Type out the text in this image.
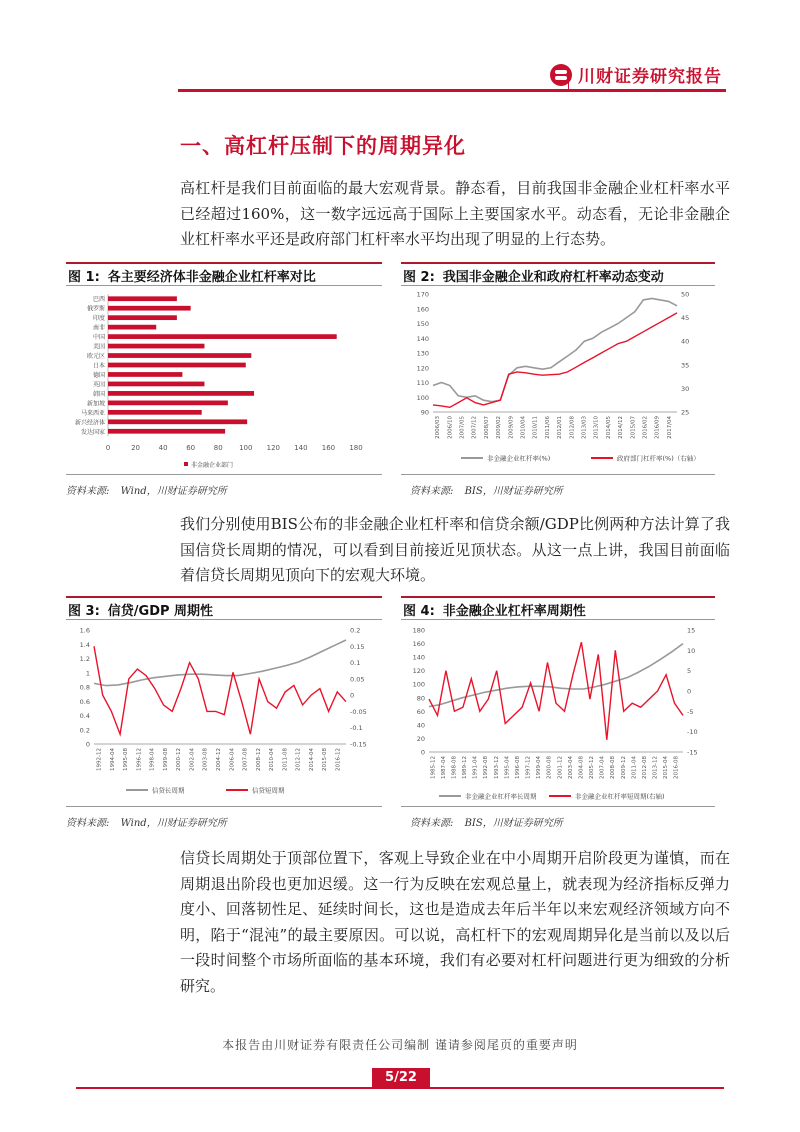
川财证券研究报告
一、高杠杆压制下的周期异化

高杠杆是我们目前面临的最大宏观背景。静态看，目前我国非金融企业杠杆率水平已经超过160%，这一数字远远高于国际上主要国家水平。动态看，无论非金融企业杠杆率水平还是政府部门杠杆率水平均出现了明显的上行态势。

图 1: 各主要经济体非金融企业杠杆率对比
0	20	40	60	80 100 120 140 160 180
巴西
俄罗斯
印度
南非
中国
美国
欧元区
日本
德国
英国
韩国
新加坡
马来西亚
新兴经济体
发达国家
非金融企业部门
资料来源: Wind，川财证券研究所
图 2: 我国非金融企业和政府杠杆率动态变动
90
100
110
120
130
140
150
160
170
25
30
35
40
45
50
2006/03 2006/10 2007/05 2007/12 2008/07 2009/02 2009/09 2010/04 2010/11 2011/06 2012/01 2012/08 2013/03 2013/10 2014/05 2014/12 2015/07 2016/02 2016/09 2017/04
非金融企业杠杆率(%)	政府部门杠杆率(%)（右轴）
资料来源: BIS，川财证券研究所

我们分别使用BIS公布的非金融企业杠杆率和信贷余额/GDP比例两种方法计算了我国信贷长周期的情况，可以看到目前接近见顶状态。从这一点上讲，我国目前面临着信贷长周期见顶向下的宏观大环境。

图 3: 信贷/GDP 周期性
0
0.2
0.4
0.6
0.8
1
1.2
1.4
1.6
-0.15
-0.1
-0.05
0
0.05
0.1
0.15
0.2
1992-12 1994-04 1995-08 1996-12 1998-04 1999-08 2000-12 2002-04 2003-08 2004-12 2006-04 2007-08 2008-12 2010-04 2011-08 2012-12 2014-04 2015-08 2016-12
信贷长周期	信贷短周期
资料来源: Wind，川财证券研究所
图 4: 非金融企业杠杆率周期性
0
20
40
60
80
100
120
140
160
180
-15
-10
-5
0
5
10
15
1985-12 1987-04 1988-08 1989-12 1991-04 1992-08 1993-12 1995-04 1996-08 1997-12 1999-04 2000-08 2001-12 2003-04 2004-08 2005-12 2007-04 2008-08 2009-12 2011-04 2012-08 2013-12 2015-04 2016-08
非金融企业杠杆率长周期	非金融企业杠杆率短周期(右轴)
资料来源: BIS，川财证券研究所

信贷长周期处于顶部位置下，客观上导致企业在中小周期开启阶段更为谨慎，而在周期退出阶段也更加迟缓。这一行为反映在宏观总量上，就表现为经济指标反弹力度小、回落韧性足、延续时间长，这也是造成去年后半年以来宏观经济领域方向不明，陷于“混沌”的最主要原因。可以说，高杠杆下的宏观周期异化是当前以及以后一段时间整个市场所面临的基本环境，我们有必要对杠杆问题进行更为细致的分析研究。

本报告由川财证券有限责任公司编制 谨请参阅尾页的重要声明
5/22
